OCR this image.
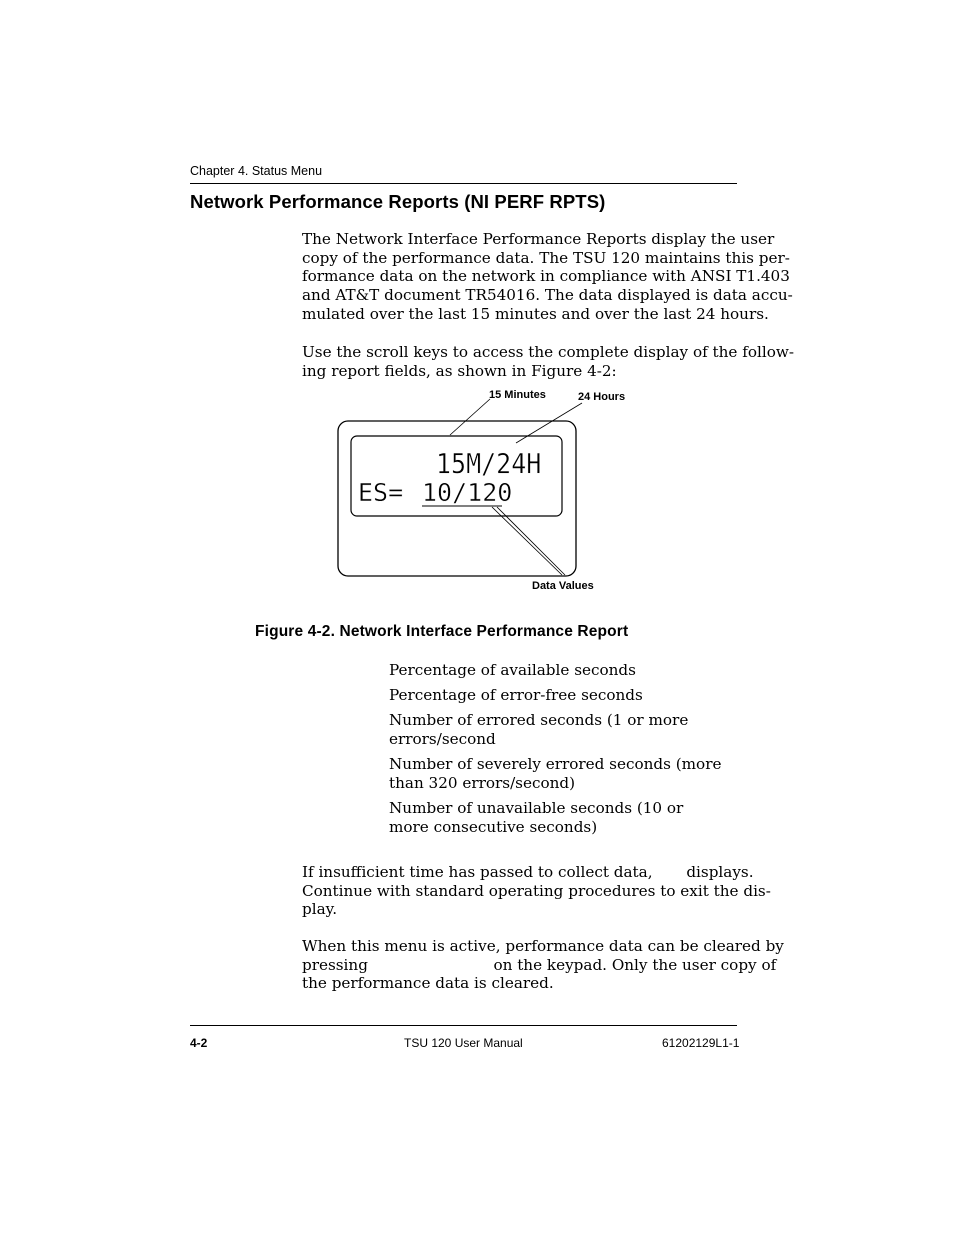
Chapter 4. Status Menu
Network Performance Reports (NI PERF RPTS)
The Network Interface Performance Reports display the user
copy of the performance data. The TSU 120 maintains this per-
formance data on the network in compliance with ANSI T1.403
and AT&T document TR54016. The data displayed is data accu-
mulated over the last 15 minutes and over the last 24 hours.
Use the scroll keys to access the complete display of the follow-
ing report fields, as shown in Figure 4-2:
15M/24H
ES= 10/120
15 Minutes	24 Hours
Data Values
Figure 4-2. Network Interface Performance Report
Percentage of available seconds
Percentage of error-free seconds
Number of errored seconds (1 or more
errors/second
Number of severely errored seconds (more
than 320 errors/second)
Number of unavailable seconds (10 or
more consecutive seconds)
If insufficient time has passed to collect data,       displays.
Continue with standard operating procedures to exit the dis-
play.
When this menu is active, performance data can be cleared by
pressing                          on the keypad. Only the user copy of
the performance data is cleared.
4-2	TSU 120 User Manual	61202129L1-1
